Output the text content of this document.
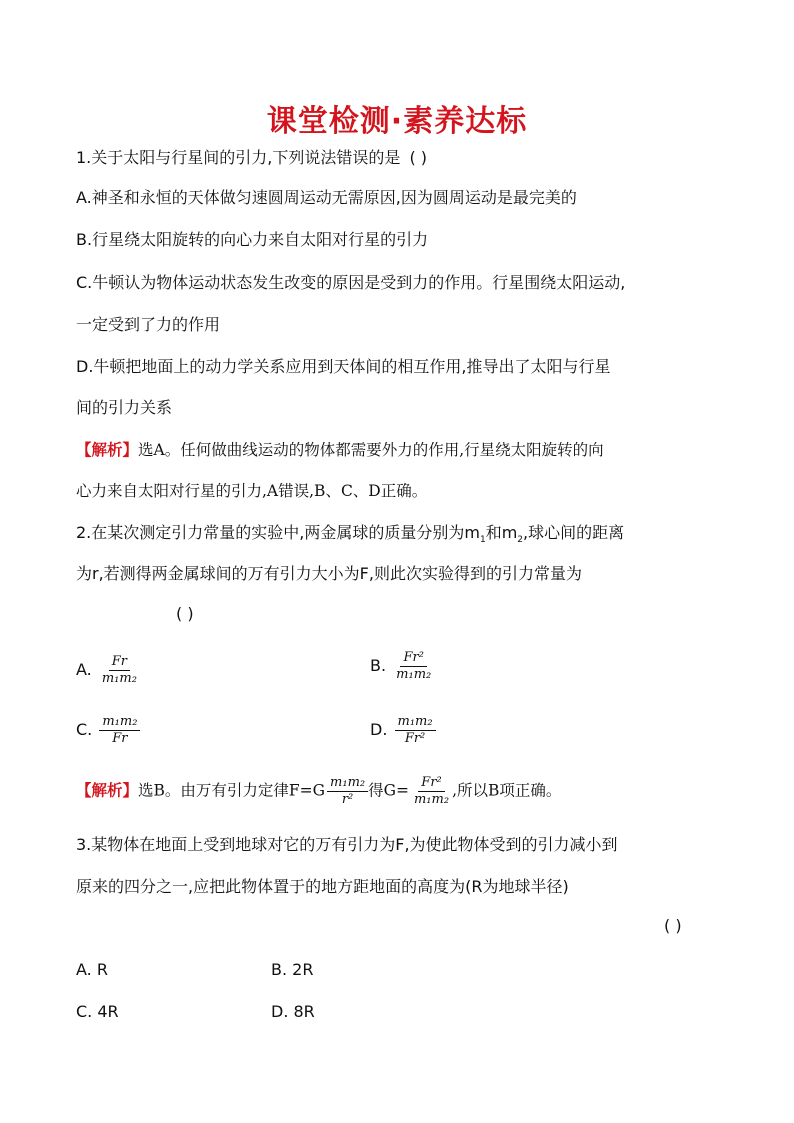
课堂检测·素养达标
1.关于太阳与行星间的引力,下列说法错误的是 ( )
A.神圣和永恒的天体做匀速圆周运动无需原因,因为圆周运动是最完美的
B.行星绕太阳旋转的向心力来自太阳对行星的引力
C.牛顿认为物体运动状态发生改变的原因是受到力的作用。行星围绕太阳运动,
一定受到了力的作用
D.牛顿把地面上的动力学关系应用到天体间的相互作用,推导出了太阳与行星
间的引力关系
【解析】选A。任何做曲线运动的物体都需要外力的作用,行星绕太阳旋转的向
心力来自太阳对行星的引力,A错误,B、C、D正确。
2.在某次测定引力常量的实验中,两金属球的质量分别为$m_1$和$m_2$,球心间的距离
为r,若测得两金属球间的万有引力大小为F,则此次实验得到的引力常量为
( )
A. $\frac{Fr}{\text{m₁m₂}}$	B. $\frac{\text{Fr²}}{\text{m₁m₂}}$
C. $\frac{\text{m₁m₂}}{Fr}$	D. $\frac{\text{m₁m₂}}{\text{Fr²}}$
【解析】选B。由万有引力定律$F=G \frac{\text{m₁m₂}}{\text{r²}}$ 得$G= \frac{\text{Fr²}}{\text{m₁m₂}}$ ,所以B项正确。
3.某物体在地面上受到地球对它的万有引力为F,为使此物体受到的引力减小到
原来的四分之一,应把此物体置于的地方距地面的高度为(R为地球半径)
( )
A. R	B. 2R
C. 4R	D. 8R
